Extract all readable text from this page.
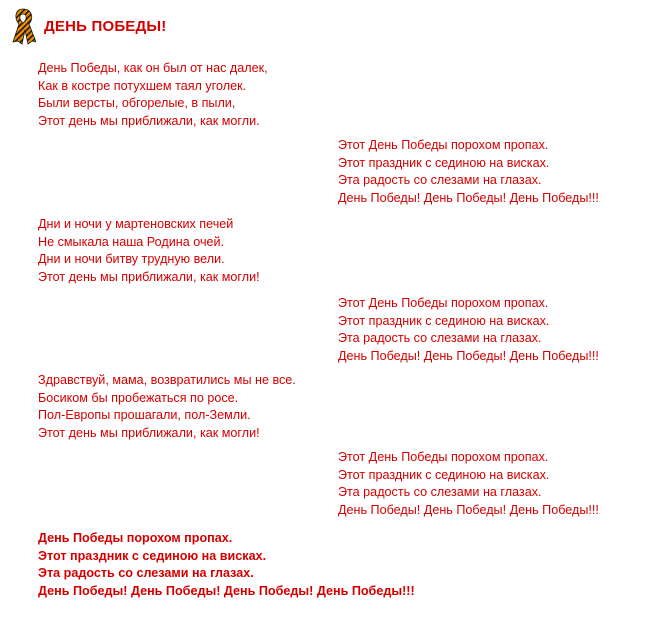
ДЕНЬ ПОБЕДЫ!
День Победы, как он был от нас далек,
Как в костре потухшем таял уголек.
Были версты, обгорелые, в пыли,
Этот день мы приближали, как могли.
Этот День Победы порохом пропах.
Этот праздник с сединою на висках.
Эта радость со слезами на глазах.
День Победы! День Победы! День Победы!!!
Дни и ночи у мартеновских печей
Не смыкала наша Родина очей.
Дни и ночи битву трудную вели.
Этот день мы приближали, как могли!
Этот День Победы порохом пропах.
Этот праздник с сединою на висках.
Эта радость со слезами на глазах.
День Победы! День Победы! День Победы!!!
Здравствуй, мама, возвратились мы не все.
Босиком бы пробежаться по росе.
Пол-Европы прошагали, пол-Земли.
Этот день мы приближали, как могли!
Этот День Победы порохом пропах.
Этот праздник с сединою на висках.
Эта радость со слезами на глазах.
День Победы! День Победы! День Победы!!!
День Победы порохом пропах.
Этот праздник с сединою на висках.
Эта радость со слезами на глазах.
День Победы! День Победы! День Победы! День Победы!!!
